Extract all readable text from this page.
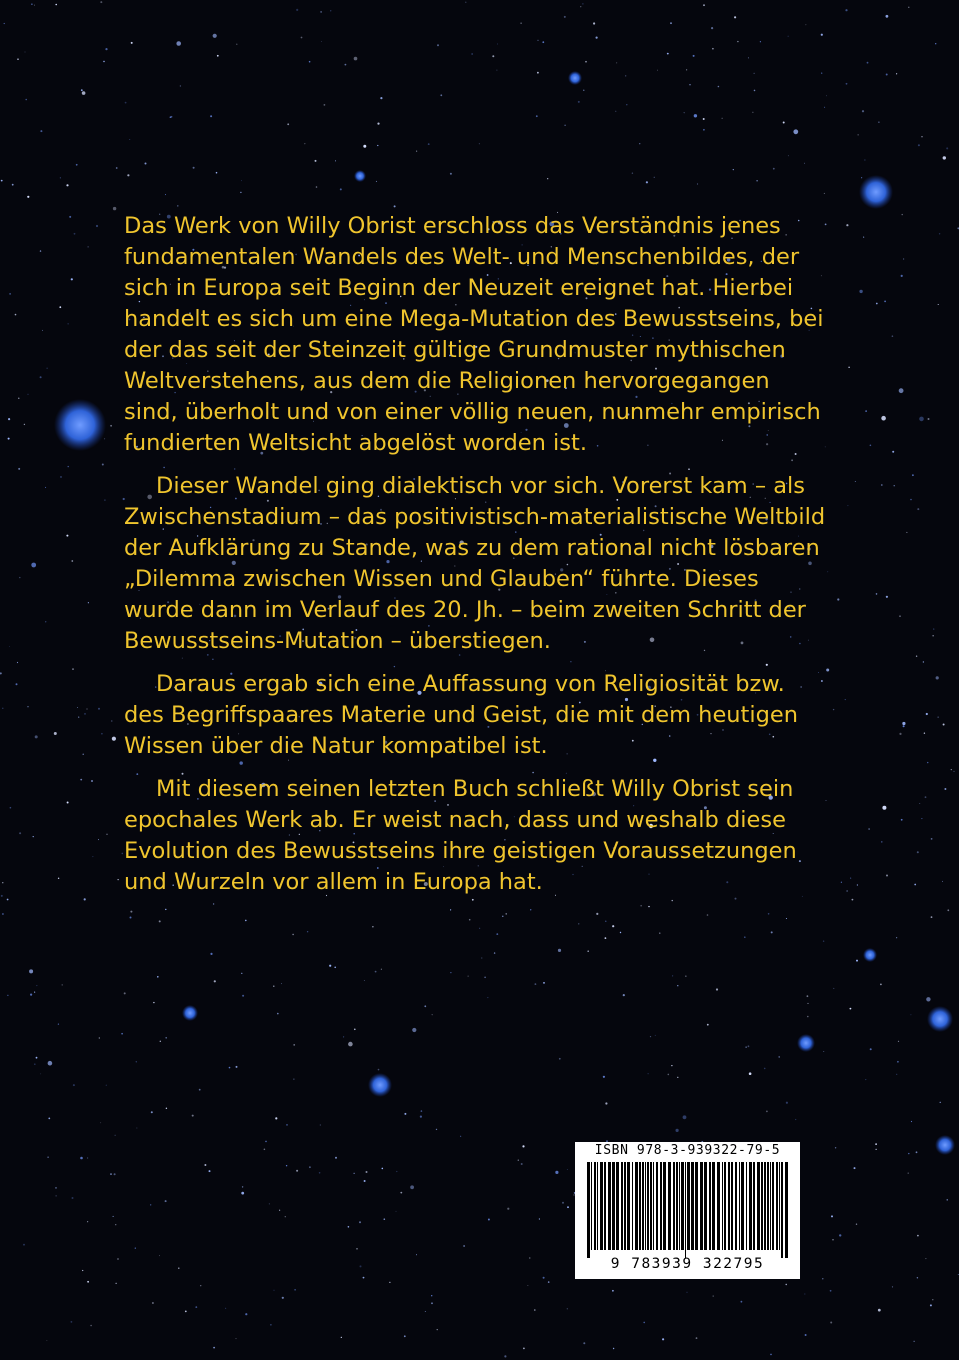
Das Werk von Willy Obrist erschloss das Verständnis jenes fundamentalen Wandels des Welt- und Menschenbildes, der sich in Europa seit Beginn der Neuzeit ereignet hat. Hierbei handelt es sich um eine Mega-Mutation des Bewusstseins, bei der das seit der Steinzeit gültige Grundmuster mythischen Weltverstehens, aus dem die Religionen hervorgegangen sind, überholt und von einer völlig neuen, nunmehr empirisch fundierten Weltsicht abgelöst worden ist.

Dieser Wandel ging dialektisch vor sich. Vorerst kam – als Zwischenstadium – das positivistisch-materialistische Weltbild der Aufklärung zu Stande, was zu dem rational nicht lösbaren „Dilemma zwischen Wissen und Glauben“ führte. Dieses wurde dann im Verlauf des 20. Jh. – beim zweiten Schritt der Bewusstseins-Mutation – überstiegen.

Daraus ergab sich eine Auffassung von Religiosität bzw. des Begriffspaares Materie und Geist, die mit dem heutigen Wissen über die Natur kompatibel ist.

Mit diesem seinen letzten Buch schließt Willy Obrist sein epochales Werk ab. Er weist nach, dass und weshalb diese Evolution des Bewusstseins ihre geistigen Voraussetzungen und Wurzeln vor allem in Europa hat.

ISBN 978-3-939322-79-5
9 783939 322795
